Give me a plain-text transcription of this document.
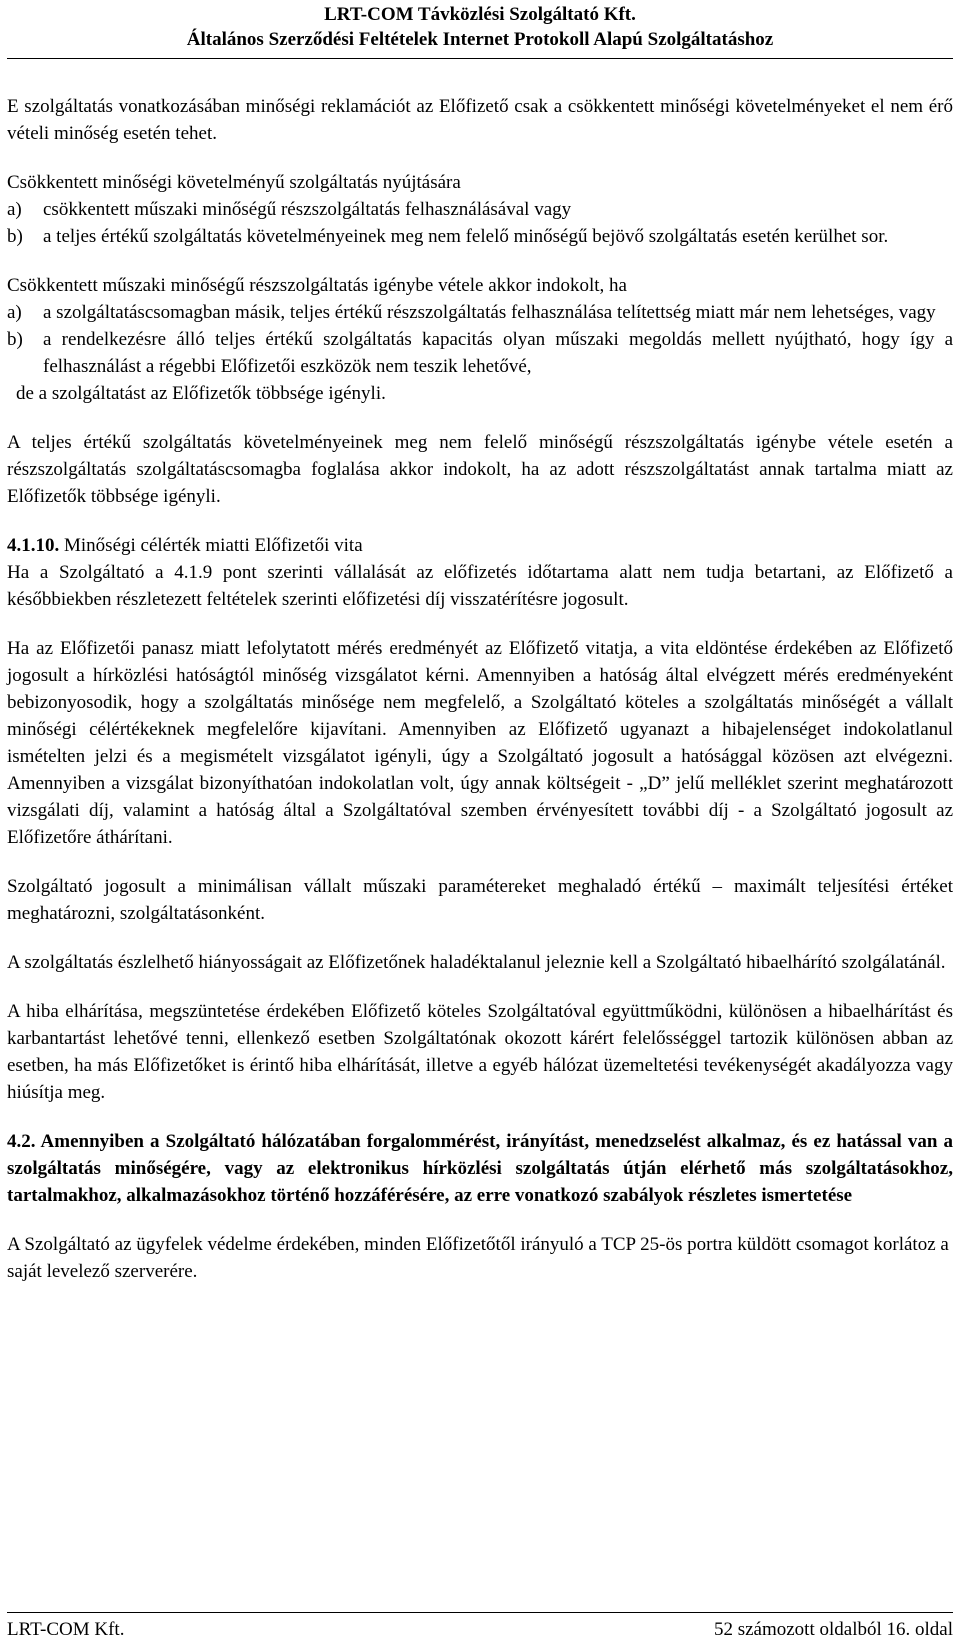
LRT-COM Távközlési Szolgáltató Kft.
Általános Szerződési Feltételek Internet Protokoll Alapú Szolgáltatáshoz

E szolgáltatás vonatkozásában minőségi reklamációt az Előfizető csak a csökkentett minőségi követelményeket el nem érő vételi minőség esetén tehet.

Csökkentett minőségi követelményű szolgáltatás nyújtására

a)	csökkentett műszaki minőségű részszolgáltatás felhasználásával vagy
b)	a teljes értékű szolgáltatás követelményeinek meg nem felelő minőségű bejövő szolgáltatás esetén kerülhet sor.

Csökkentett műszaki minőségű részszolgáltatás igénybe vétele akkor indokolt, ha

a)	a szolgáltatáscsomagban másik, teljes értékű részszolgáltatás felhasználása telítettség miatt már nem lehetséges, vagy
b)	a rendelkezésre álló teljes értékű szolgáltatás kapacitás olyan műszaki megoldás mellett nyújtható, hogy így a felhasználást a régebbi Előfizetői eszközök nem teszik lehetővé,
de a szolgáltatást az Előfizetők többsége igényli.

A teljes értékű szolgáltatás követelményeinek meg nem felelő minőségű részszolgáltatás igénybe vétele esetén a részszolgáltatás szolgáltatáscsomagba foglalása akkor indokolt, ha az adott részszolgáltatást annak tartalma miatt az Előfizetők többsége igényli.

4.1.10. Minőségi célérték miatti Előfizetői vita

Ha a Szolgáltató a 4.1.9 pont szerinti vállalását az előfizetés időtartama alatt nem tudja betartani, az Előfizető a későbbiekben részletezett feltételek szerinti előfizetési díj visszatérítésre jogosult.

Ha az Előfizetői panasz miatt lefolytatott mérés eredményét az Előfizető vitatja, a vita eldöntése érdekében az Előfizető jogosult a hírközlési hatóságtól minőség vizsgálatot kérni. Amennyiben a hatóság által elvégzett mérés eredményeként bebizonyosodik, hogy a szolgáltatás minősége nem megfelelő, a Szolgáltató köteles a szolgáltatás minőségét a vállalt minőségi célértékeknek megfelelőre kijavítani. Amennyiben az Előfizető ugyanazt a hibajelenséget indokolatlanul ismételten jelzi és a megismételt vizsgálatot igényli, úgy a Szolgáltató jogosult a hatósággal közösen azt elvégezni. Amennyiben a vizsgálat bizonyíthatóan indokolatlan volt, úgy annak költségeit - „D” jelű melléklet szerint meghatározott vizsgálati díj, valamint a hatóság által a Szolgáltatóval szemben érvényesített további díj - a Szolgáltató jogosult az Előfizetőre áthárítani.

Szolgáltató jogosult a minimálisan vállalt műszaki paramétereket meghaladó értékű – maximált teljesítési értéket meghatározni, szolgáltatásonként.

A szolgáltatás észlelhető hiányosságait az Előfizetőnek haladéktalanul jeleznie kell a Szolgáltató hibaelhárító szolgálatánál.

A hiba elhárítása, megszüntetése érdekében Előfizető köteles Szolgáltatóval együttműködni, különösen a hibaelhárítást és karbantartást lehetővé tenni, ellenkező esetben Szolgáltatónak okozott kárért felelősséggel tartozik különösen abban az esetben, ha más Előfizetőket is érintő hiba elhárítását, illetve a egyéb hálózat üzemeltetési tevékenységét akadályozza vagy hiúsítja meg.

4.2. Amennyiben a Szolgáltató hálózatában forgalommérést, irányítást, menedzselést alkalmaz, és ez hatással van a szolgáltatás minőségére, vagy az elektronikus hírközlési szolgáltatás útján elérhető más szolgáltatásokhoz, tartalmakhoz, alkalmazásokhoz történő hozzáférésére, az erre vonatkozó szabályok részletes ismertetése

A Szolgáltató az ügyfelek védelme érdekében, minden Előfizetőtől irányuló a TCP 25-ös portra küldött csomagot korlátoz a saját levelező szerverére.

LRT-COM Kft.	52 számozott oldalból 16. oldal
